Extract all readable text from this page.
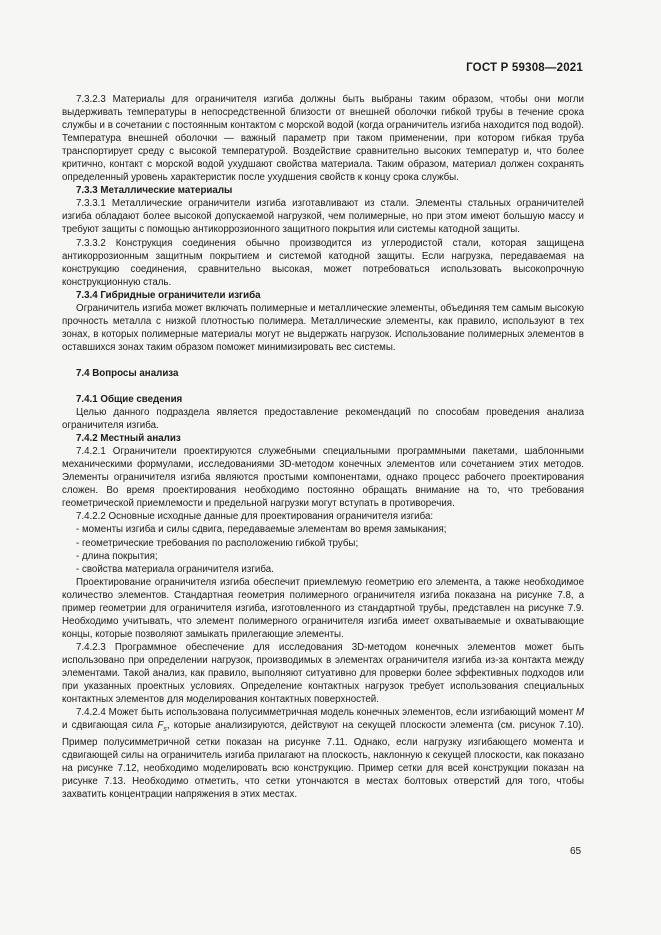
ГОСТ Р 59308—2021

7.3.2.3 Материалы для ограничителя изгиба должны быть выбраны таким образом, чтобы они могли выдерживать температуры в непосредственной близости от внешней оболочки гибкой трубы в течение срока службы и в сочетании с постоянным контактом с морской водой (когда ограничитель изгиба находится под водой). Температура внешней оболочки — важный параметр при таком применении, при котором гибкая труба транспортирует среду с высокой температурой. Воздействие сравнительно высоких температур и, что более критично, контакт с морской водой ухудшают свойства материала. Таким образом, материал должен сохранять определенный уровень характеристик после ухудшения свойств к концу срока службы.

7.3.3 Металлические материалы

7.3.3.1 Металлические ограничители изгиба изготавливают из стали. Элементы стальных ограничителей изгиба обладают более высокой допускаемой нагрузкой, чем полимерные, но при этом имеют большую массу и требуют защиты с помощью антикоррозионного защитного покрытия или системы катодной защиты.

7.3.3.2 Конструкция соединения обычно производится из углеродистой стали, которая защищена антикоррозионным защитным покрытием и системой катодной защиты. Если нагрузка, передаваемая на конструкцию соединения, сравнительно высокая, может потребоваться использовать высокопрочную конструкционную сталь.

7.3.4 Гибридные ограничители изгиба

Ограничитель изгиба может включать полимерные и металлические элементы, объединяя тем самым высокую прочность металла с низкой плотностью полимера. Металлические элементы, как правило, используют в тех зонах, в которых полимерные материалы могут не выдержать нагрузок. Использование полимерных элементов в оставшихся зонах таким образом поможет минимизировать вес системы.

7.4 Вопросы анализа

7.4.1 Общие сведения

Целью данного подраздела является предоставление рекомендаций по способам проведения анализа ограничителя изгиба.

7.4.2 Местный анализ

7.4.2.1 Ограничители проектируются служебными специальными программными пакетами, шаблонными механическими формулами, исследованиями 3D-методом конечных элементов или сочетанием этих методов. Элементы ограничителя изгиба являются простыми компонентами, однако процесс рабочего проектирования сложен. Во время проектирования необходимо постоянно обращать внимание на то, что требования геометрической приемлемости и предельной нагрузки могут вступать в противоречия.

7.4.2.2 Основные исходные данные для проектирования ограничителя изгиба:

- моменты изгиба и силы сдвига, передаваемые элементам во время замыкания;

- геометрические требования по расположению гибкой трубы;

- длина покрытия;

- свойства материала ограничителя изгиба.

Проектирование ограничителя изгиба обеспечит приемлемую геометрию его элемента, а также необходимое количество элементов. Стандартная геометрия полимерного ограничителя изгиба показана на рисунке 7.8, а пример геометрии для ограничителя изгиба, изготовленного из стандартной трубы, представлен на рисунке 7.9. Необходимо учитывать, что элемент полимерного ограничителя изгиба имеет охватываемые и охватывающие концы, которые позволяют замыкать прилегающие элементы.

7.4.2.3 Программное обеспечение для исследования 3D-методом конечных элементов может быть использовано при определении нагрузок, производимых в элементах ограничителя изгиба из-за контакта между элементами. Такой анализ, как правило, выполняют ситуативно для проверки более эффективных подходов или при указанных проектных условиях. Определение контактных нагрузок требует использования специальных контактных элементов для моделирования контактных поверхностей.

7.4.2.4 Может быть использована полусимметричная модель конечных элементов, если изгибающий момент M и сдвигающая сила $F_s$, которые анализируются, действуют на секущей плоскости элемента (см. рисунок 7.10). Пример полусимметричной сетки показан на рисунке 7.11. Однако, если нагрузку изгибающего момента и сдвигающей силы на ограничитель изгиба прилагают на плоскость, наклонную к секущей плоскости, как показано на рисунке 7.12, необходимо моделировать всю конструкцию. Пример сетки для всей конструкции показан на рисунке 7.13. Необходимо отметить, что сетки утончаются в местах болтовых отверстий для того, чтобы захватить концентрации напряжения в этих местах.

65
